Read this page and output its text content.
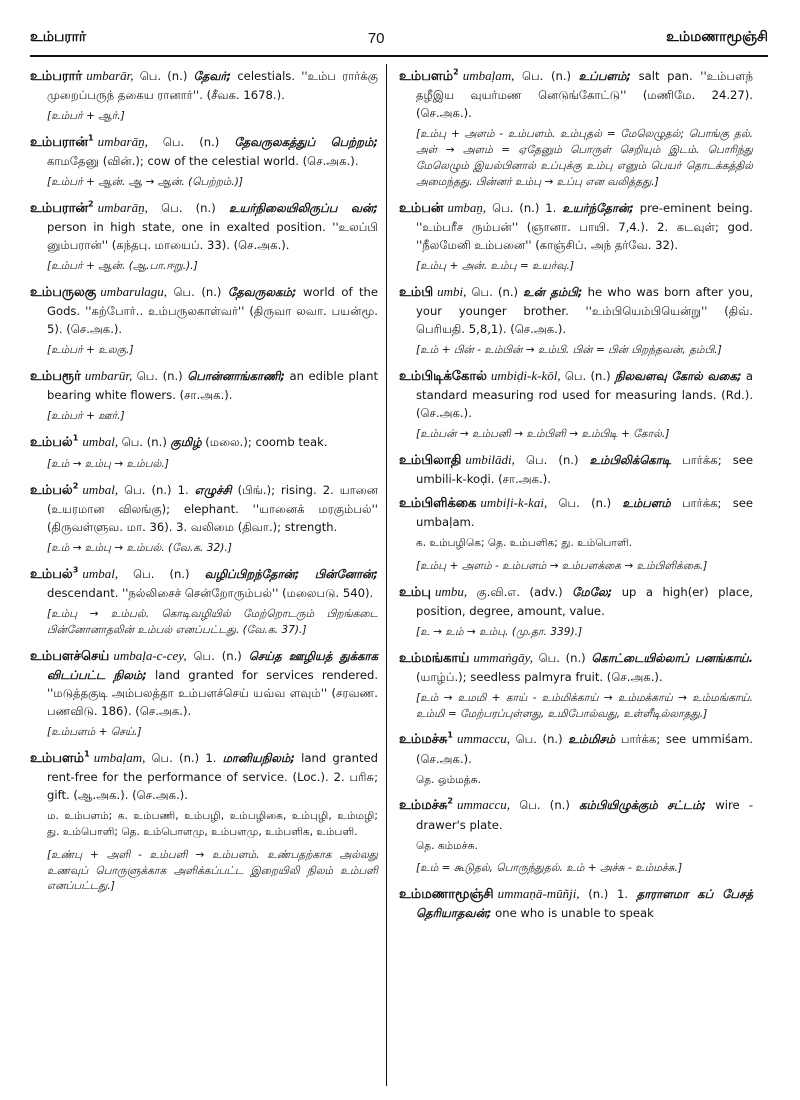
உம்பரார்	70	உம்மணாமூஞ்சி

உம்பரார் umbarār, பெ. (n.) தேவர்; celestials. ''உம்ப ரார்க்கு முறைப்பருந் தகைய ரானார்''. (சீவக. 1678.).

[உம்பர் + ஆர்.]

உம்பரான்$^1$ umbarāṉ, பெ. (n.) தேவருலகத்துப் பெற்றம்; காமதேனு (வின்.); cow of the celestial world. (செ.அக.).

[உம்பர் + ஆன். ஆ → ஆன். (பெற்றம்.)]

உம்பரான்$^2$ umbarāṉ, பெ. (n.) உயர்நிலையிலிருப்ப வன்; person in high state, one in exalted position. ''உலப்பி னும்பரான்'' (கந்தபு. மாயைப். 33). (செ.அக.).

[உம்பர் + ஆன். (ஆ.பா.ஈறு.).]

உம்பருலகு umbarulagu, பெ. (n.) தேவருலகம்; world of the Gods. ''கற்போர்.. உம்பருலகாள்வர்'' (திருவா லவா. பயன்மூ. 5). (செ.அக.).

[உம்பர் + உலகு.]

உம்பரூர் umbarūr, பெ. (n.) பொன்னாங்காணி; an edible plant bearing white flowers. (சா.அக.).

[உம்பர் + ஊர்.]

உம்பல்$^1$ umbal, பெ. (n.) குமிழ் (மலை.); coomb teak.

[உம் → உம்பு → உம்பல்.]

உம்பல்$^2$ umbal, பெ. (n.) 1. எழுச்சி (பிங்.); rising. 2. யானை (உயரமான விலங்கு); elephant. ''யானைக் மரகும்பல்'' (திருவள்ளுவ. மா. 36). 3. வலிமை (திவா.); strength.

[உம் → உம்பு → உம்பல். (வே.க. 32).]

உம்பல்$^3$ umbal, பெ. (n.) வழிப்பிறந்தோன்; பின்னோன்; descendant. ''நல்லிசைச் சென்றோரும்பல்'' (மலைபடு. 540).

[உம்பு → உம்பல். கொடிவழியில் மேற்றொடரும் பிறங்கடை பின்னோனாதலின் உம்பல் எனப்பட்டது. (வே.க. 37).]

உம்பளச்செய் umbaḷa-c-cey, பெ. (n.) செய்த ஊழியத் துக்காக விடப்பட்ட நிலம்; land granted for services rendered. ''மடுத்தகுடி அம்பலத்தா உம்பளச்செய் யவ்வ ளவும்'' (சரவண. பணவிடு. 186). (செ.அக.).

[உம்பளம் + செய்.]

உம்பளம்$^1$ umbaḷam, பெ. (n.) 1. மானியநிலம்; land granted rent-free for the performance of service. (Loc.). 2. பரிசு; gift. (ஆ.அக.). (செ.அக.).

ம. உம்பளம்; க. உம்பணி, உம்பழி, உம்பழிகை, உம்புழி, உம்மழி; து. உம்பொளி; தெ. உம்பொளமு, உம்பளமு, உம்பளிக, உம்பளி.

[உண்பு + அளி - உம்பளி → உம்பளம். உண்பதற்காக அல்லது உணவுப் பொருளுக்காக அளிக்கப்பட்ட இறையிலி நிலம் உம்பளி எனப்பட்டது.]

உம்பளம்$^2$ umbaḷam, பெ. (n.) உப்பளம்; salt pan. ''உம்பளந் தழீஇய வுயர்மண னெடுங்கோட்டு'' (மணிமே. 24.27). (செ.அக.).

[உம்பு + அளம் - உம்பளம். உம்புதல் = மேலெழுதல்; பொங்கு தல். அள் → அளம் = ஏதேனும் பொருள் செறியும் இடம். பொரிந்து மேலெழும் இயல்பினால் உப்புக்கு உம்பு எனும் பெயர் தொடக்கத்தில் அமைந்தது. பின்னர் உம்பு → உப்பு என வலித்தது.]

உம்பன் umbaṉ, பெ. (n.) 1. உயர்ந்தோன்; pre-eminent being. ''உம்பரீச ரும்பன்'' (ஞானா. பாயி. 7,4.). 2. கடவுள்; god. ''நீலமேனி உம்பனை'' (காஞ்சிப். அந் தர்வே. 32).

[உம்பு + அன். உம்பு = உயர்வு.]

உம்பி umbi, பெ. (n.) உன் தம்பி; he who was born after you, your younger brother. ''உம்பியெம்பியென்று'' (திவ். பெரியதி. 5,8,1). (செ.அக.).

[உம் + பின் - உம்பின் → உம்பி. பின் = பின் பிறந்தவன், தம்பி.]

உம்பிடிக்கோல் umbiḍi-k-kōl, பெ. (n.) நிலவளவு கோல் வகை; a standard measuring rod used for measuring lands. (Rd.). (செ.அக.).

[உம்பன் → உம்பனி → உம்பிளி → உம்பிடி + கோல்.]

உம்பிலாதி umbilādi, பெ. (n.) உம்பிலிக்கொடி பார்க்க; see umbili-k-koḍi. (சா.அக.).

உம்பிளிக்கை umbiḷi-k-kai, பெ. (n.) உம்பளம் பார்க்க; see umbaḷam.

க. உம்பழிகெ; தெ. உம்பளிக; து. உம்பொளி.

[உம்பு + அளம் - உம்பளம் → உம்பளக்கை → உம்பிளிக்கை.]

உம்பு umbu, கு.வி.எ. (adv.) மேலே; up a high(er) place, position, degree, amount, value.

[உ → உம் → உம்பு. (மு.தா. 339).]

உம்மங்காய் ummaṅgāy, பெ. (n.) கொட்டையில்லாப் பனங்காய். (யாழ்ப்.); seedless palmyra fruit. (செ.அக.).

[உம் → உமமி + காய் - உம்மிக்காய் → உம்மக்காய் → உம்மங்காய். உம்மி = மேற்பரப்புள்ளது, உமிபோல்வது, உள்ளீடில்லாதது.]

உம்மச்சு$^1$ ummaccu, பெ. (n.) உம்மிசம் பார்க்க; see ummiśam. (செ.அக.).

தெ. ஒம்மத்சு.

உம்மச்சு$^2$ ummaccu, பெ. (n.) கம்பியிழுக்கும் சட்டம்; wire - drawer's plate.

தெ. கம்மச்சு.

[உம் = கூடுதல், பொருந்துதல். உம் + அச்சு - உம்மச்சு.]

உம்மணாமூஞ்சி ummaṇā-mūñji, (n.) 1. தாராளமா கப் பேசத் தெரியாதவன்; one who is unable to speak
